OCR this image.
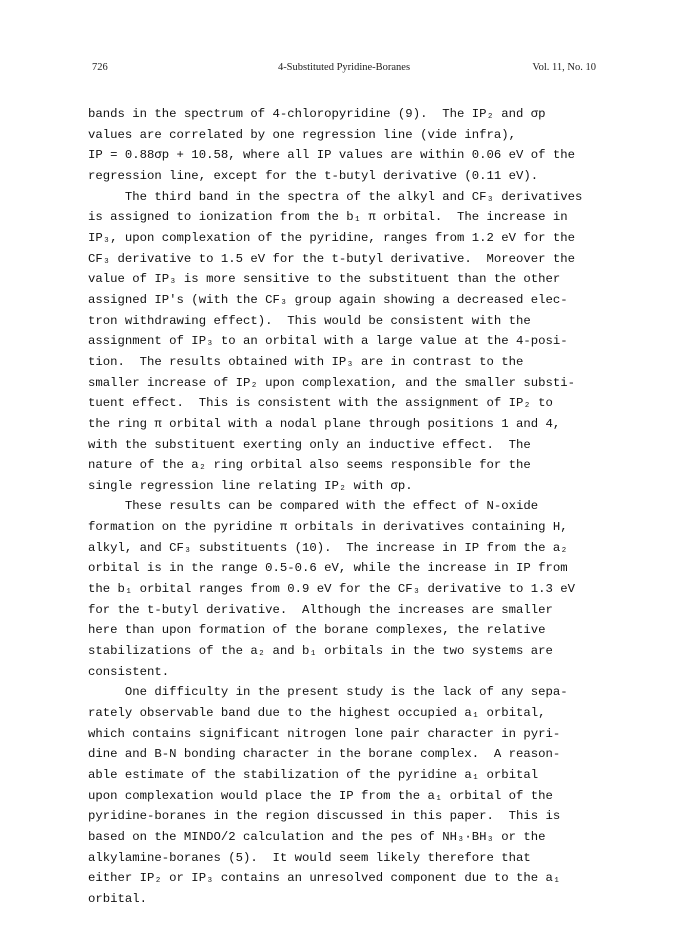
726	4-Substituted Pyridine-Boranes	Vol. 11, No. 10

bands in the spectrum of 4-chloropyridine (9).  The IP₂ and σp

values are correlated by one regression line (vide infra),

IP = 0.88σp + 10.58, where all IP values are within 0.06 eV of the

regression line, except for the t-butyl derivative (0.11 eV).

The third band in the spectra of the alkyl and CF₃ derivatives

is assigned to ionization from the b₁ π orbital.  The increase in

IP₃, upon complexation of the pyridine, ranges from 1.2 eV for the

CF₃ derivative to 1.5 eV for the t-butyl derivative.  Moreover the

value of IP₃ is more sensitive to the substituent than the other

assigned IP's (with the CF₃ group again showing a decreased elec-

tron withdrawing effect).  This would be consistent with the

assignment of IP₃ to an orbital with a large value at the 4-posi-

tion.  The results obtained with IP₃ are in contrast to the

smaller increase of IP₂ upon complexation, and the smaller substi-

tuent effect.  This is consistent with the assignment of IP₂ to

the ring π orbital with a nodal plane through positions 1 and 4,

with the substituent exerting only an inductive effect.  The

nature of the a₂ ring orbital also seems responsible for the

single regression line relating IP₂ with σp.

These results can be compared with the effect of N-oxide

formation on the pyridine π orbitals in derivatives containing H,

alkyl, and CF₃ substituents (10).  The increase in IP from the a₂

orbital is in the range 0.5-0.6 eV, while the increase in IP from

the b₁ orbital ranges from 0.9 eV for the CF₃ derivative to 1.3 eV

for the t-butyl derivative.  Although the increases are smaller

here than upon formation of the borane complexes, the relative

stabilizations of the a₂ and b₁ orbitals in the two systems are

consistent.

One difficulty in the present study is the lack of any sepa-

rately observable band due to the highest occupied a₁ orbital,

which contains significant nitrogen lone pair character in pyri-

dine and B-N bonding character in the borane complex.  A reason-

able estimate of the stabilization of the pyridine a₁ orbital

upon complexation would place the IP from the a₁ orbital of the

pyridine-boranes in the region discussed in this paper.  This is

based on the MINDO/2 calculation and the pes of NH₃·BH₃ or the

alkylamine-boranes (5).  It would seem likely therefore that

either IP₂ or IP₃ contains an unresolved component due to the a₁

orbital.
